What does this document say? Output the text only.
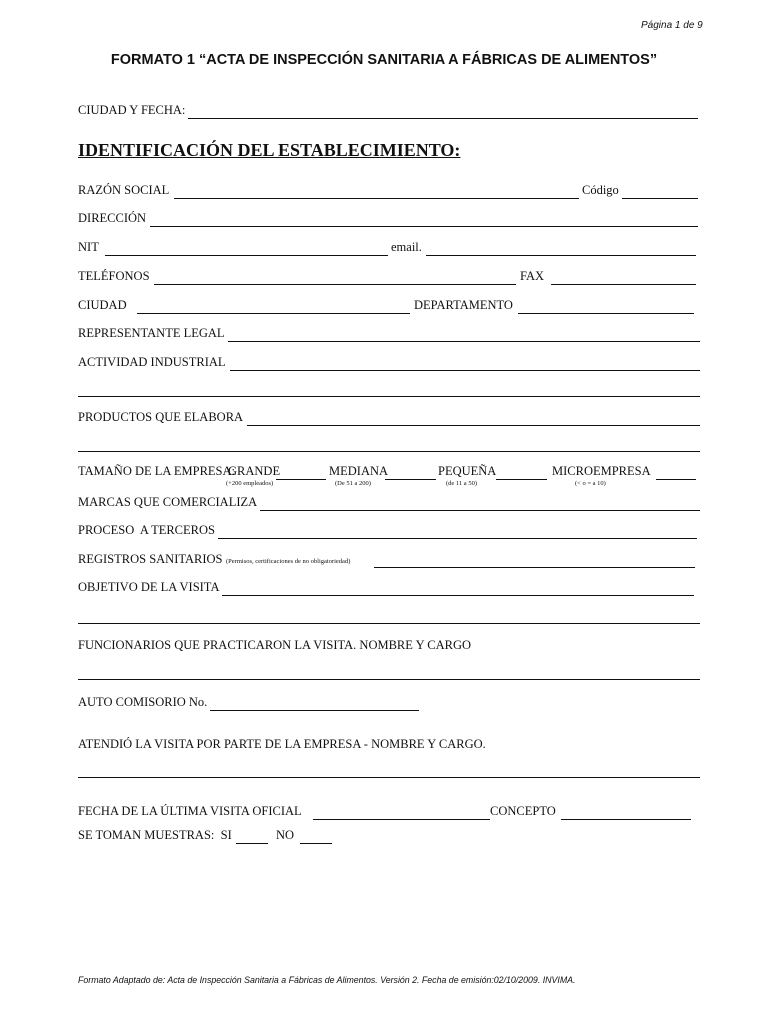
Página 1 de 9
FORMATO 1 “ACTA DE INSPECCIÓN SANITARIA A FÁBRICAS DE ALIMENTOS”
CIUDAD Y FECHA:
IDENTIFICACIÓN DEL ESTABLECIMIENTO:
RAZÓN SOCIAL	Código
DIRECCIÓN
NIT	email.
TELÉFONOS	FAX
CIUDAD	DEPARTAMENTO
REPRESENTANTE LEGAL
ACTIVIDAD INDUSTRIAL
PRODUCTOS QUE ELABORA
TAMAÑO DE LA EMPRESA:
GRANDE
(+200 empleados)
MEDIANA
(De 51 a 200)
PEQUEÑA
(de 11 a 50)
MICROEMPRESA
(< o = a 10)
MARCAS QUE COMERCIALIZA
PROCESO  A TERCEROS
REGISTROS SANITARIOS (Permisos, certificaciones de no obligatoriedad)
OBJETIVO DE LA VISITA
FUNCIONARIOS QUE PRACTICARON LA VISITA. NOMBRE Y CARGO
AUTO COMISORIO No.
ATENDIÓ LA VISITA POR PARTE DE LA EMPRESA - NOMBRE Y CARGO.
FECHA DE LA ÚLTIMA VISITA OFICIAL	CONCEPTO
SE TOMAN MUESTRAS:  SI	NO
Formato Adaptado de: Acta de Inspección Sanitaria a Fábricas de Alimentos. Versión 2. Fecha de emisión:02/10/2009. INVIMA.
